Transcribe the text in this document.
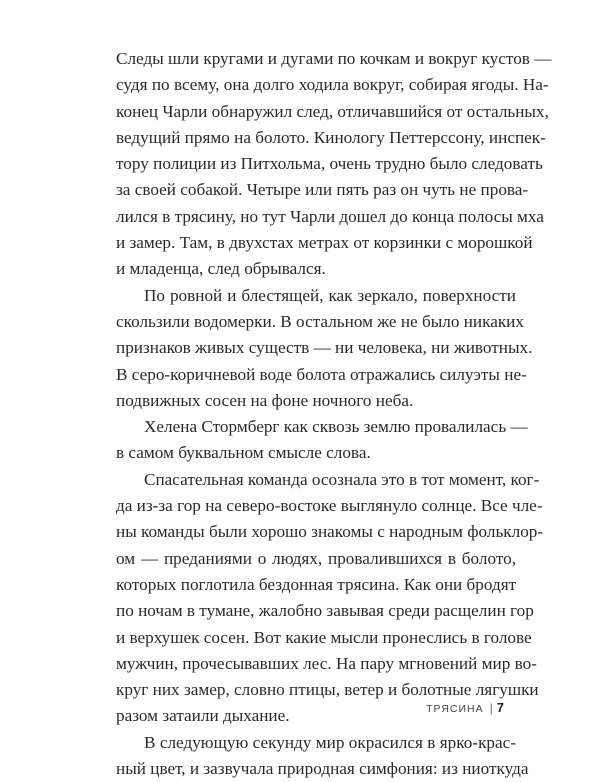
Следы шли кругами и дугами по кочкам и вокруг кустов —
судя по всему, она долго ходила вокруг, собирая ягоды. На-
конец Чарли обнаружил след, отличавшийся от остальных,
ведущий прямо на болото. Кинологу Петтерссону, инспек-
тору полиции из Питхольма, очень трудно было следовать
за своей собакой. Четыре или пять раз он чуть не прова-
лился в трясину, но тут Чарли дошел до конца полосы мха
и замер. Там, в двухстах метрах от корзинки с морошкой
и младенца, след обрывался.
По ровной и блестящей, как зеркало, поверхности
скользили водомерки. В остальном же не было никаких
признаков живых существ — ни человека, ни животных.
В серо-коричневой воде болота отражались силуэты не-
подвижных сосен на фоне ночного неба.
Хелена Стормберг как сквозь землю провалилась —
в самом буквальном смысле слова.
Спасательная команда осознала это в тот момент, ког-
да из-за гор на северо-востоке выглянуло солнце. Все чле-
ны команды были хорошо знакомы с народным фольклор-
ом — преданиями о людях, провалившихся в болото,
которых поглотила бездонная трясина. Как они бродят
по ночам в тумане, жалобно завывая среди расщелин гор
и верхушек сосен. Вот какие мысли пронеслись в голове
мужчин, прочесывавших лес. На пару мгновений мир во-
круг них замер, словно птицы, ветер и болотные лягушки
разом затаили дыхание.
В следующую секунду мир окрасился в ярко-крас-
ный цвет, и зазвучала природная симфония: из ниоткуда
ТРЯСИНА | 7
